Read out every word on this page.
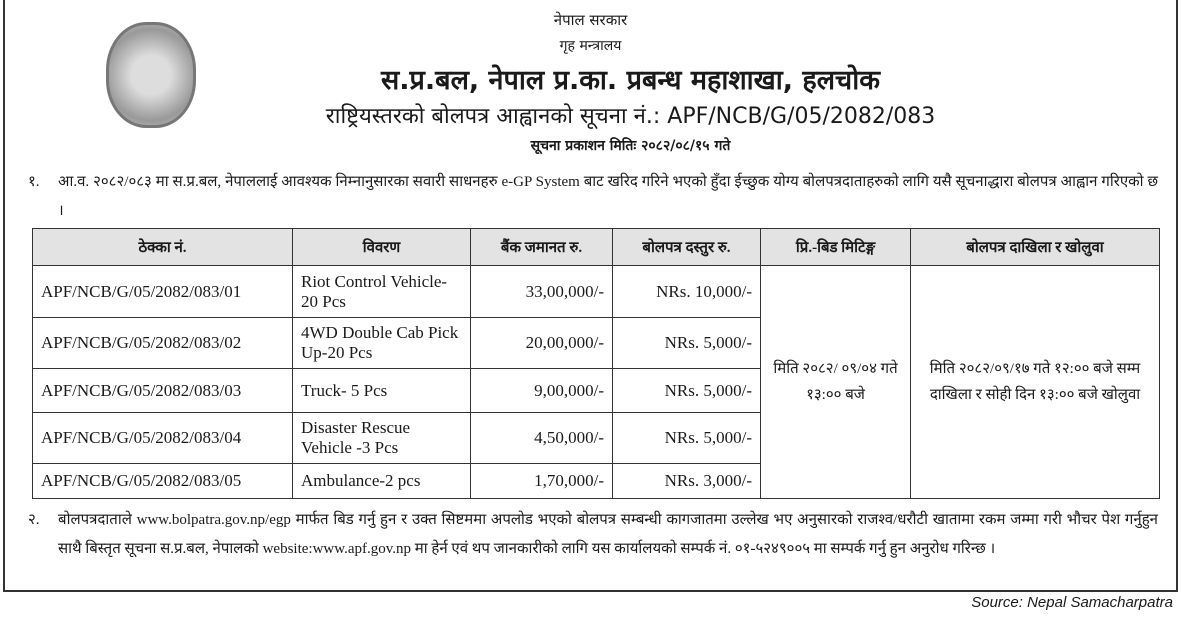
नेपाल सरकार
गृह मन्त्रालय
स.प्र.बल, नेपाल प्र.का. प्रबन्ध महाशाखा, हलचोक
राष्ट्रियस्तरको बोलपत्र आह्वानको सूचना नं.: APF/NCB/G/05/2082/083
सूचना प्रकाशन मितिः २०८२/०८/१५ गते
१. आ.व. २०८२/०८३ मा स.प्र.बल, नेपाललाई आवश्यक निम्नानुसारका सवारी साधनहरु e-GP System बाट खरिद गरिने भएको हुँदा ईच्छुक योग्य बोलपत्रदाताहरुको लागि यसै सूचनाद्धारा बोलपत्र आह्वान गरिएको छ ।
ठेक्का नं.	विवरण	बैंक जमानत रु.	बोलपत्र दस्तुर रु.	प्रि.-बिड मिटिङ्ग	बोलपत्र दाखिला र खोलुवा
APF/NCB/G/05/2082/083/01	Riot Control Vehicle-20 Pcs	33,00,000/-	NRs. 10,000/-	मिति २०८२/ ०९/०४ गते १३:०० बजे	मिति २०८२/०९/१७ गते १२:०० बजे सम्म दाखिला र सोही दिन १३:०० बजे खोलुवा
APF/NCB/G/05/2082/083/02	4WD Double Cab Pick Up-20 Pcs	20,00,000/-	NRs. 5,000/-		
APF/NCB/G/05/2082/083/03	Truck- 5 Pcs	9,00,000/-	NRs. 5,000/-		
APF/NCB/G/05/2082/083/04	Disaster Rescue Vehicle -3 Pcs	4,50,000/-	NRs. 5,000/-		
APF/NCB/G/05/2082/083/05	Ambulance-2 pcs	1,70,000/-	NRs. 3,000/-		
२. बोलपत्रदाताले www.bolpatra.gov.np/egp मार्फत बिड गर्नु हुन र उक्त सिष्टममा अपलोड भएको बोलपत्र सम्बन्धी कागजातमा उल्लेख भए अनुसारको राजश्व/धरौटी खातामा रकम जम्मा गरी भौचर पेश गर्नुहुन साथै बिस्तृत सूचना स.प्र.बल, नेपालको website:www.apf.gov.np मा हेर्न एवं थप जानकारीको लागि यस कार्यालयको सम्पर्क नं. ०१-५२४९००५ मा सम्पर्क गर्नु हुन अनुरोध गरिन्छ ।
Source: Nepal Samacharpatra
